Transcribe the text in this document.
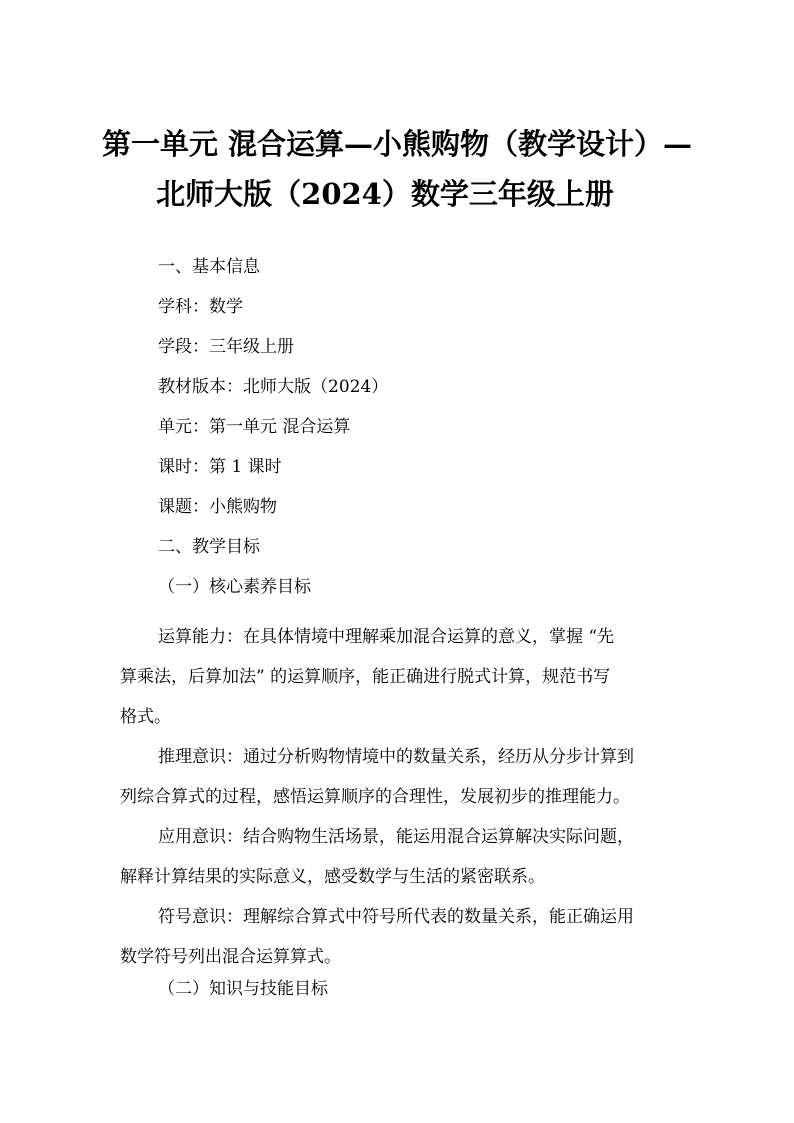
第一单元 混合运算—小熊购物（教学设计）—
北师大版（2024）数学三年级上册

一、基本信息

学科：数学

学段：三年级上册

教材版本：北师大版（2024）

单元：第一单元 混合运算

课时：第 1 课时

课题：小熊购物

二、教学目标

（一）核心素养目标

运算能力：在具体情境中理解乘加混合运算的意义，掌握 “先
算乘法，后算加法” 的运算顺序，能正确进行脱式计算，规范书写
格式。
推理意识：通过分析购物情境中的数量关系，经历从分步计算到
列综合算式的过程，感悟运算顺序的合理性，发展初步的推理能力。
应用意识：结合购物生活场景，能运用混合运算解决实际问题，
解释计算结果的实际意义，感受数学与生活的紧密联系。
符号意识：理解综合算式中符号所代表的数量关系，能正确运用
数学符号列出混合运算算式。

（二）知识与技能目标
